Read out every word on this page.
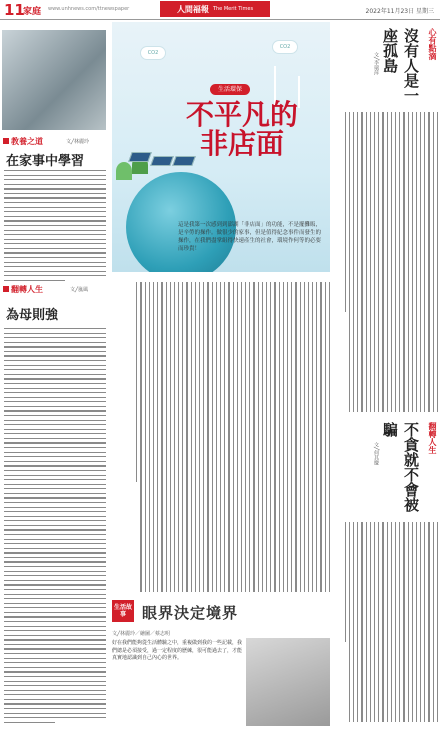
11
家庭 www.unhnews.com/ttnewspaper	人間福報 The Merit Times	2022年11月23日 星期三
教養之道	文╱林麗玲
在家事中學習
翻轉人生	文╱嵐風
為母則強
CO2
CO2
生活環保
不平凡的
非店面
這是我第一次感到到澎湖「非店面」的功能，不是擺攤販，是辛勞的操作。做很少的家事，但是值得紀念事件而發生的操作，在我們盡掌組得快速產生的社會，環境作何等的必要而珍貴！
生活故事	眼界決定境界
文╱林麗玲／繪圖／蔡志明
好在我們能夠從生活體驗之中，重複做到我的一些記載，我們總是必須接受，過一定程度的歷練，很可能過去了，才能真實地認識到自己內心的世界。
心有點滴
沒有人是一座孤島
文╱李瑞萍
翻轉人生
不貪就不會被騙
文╱何其慶
